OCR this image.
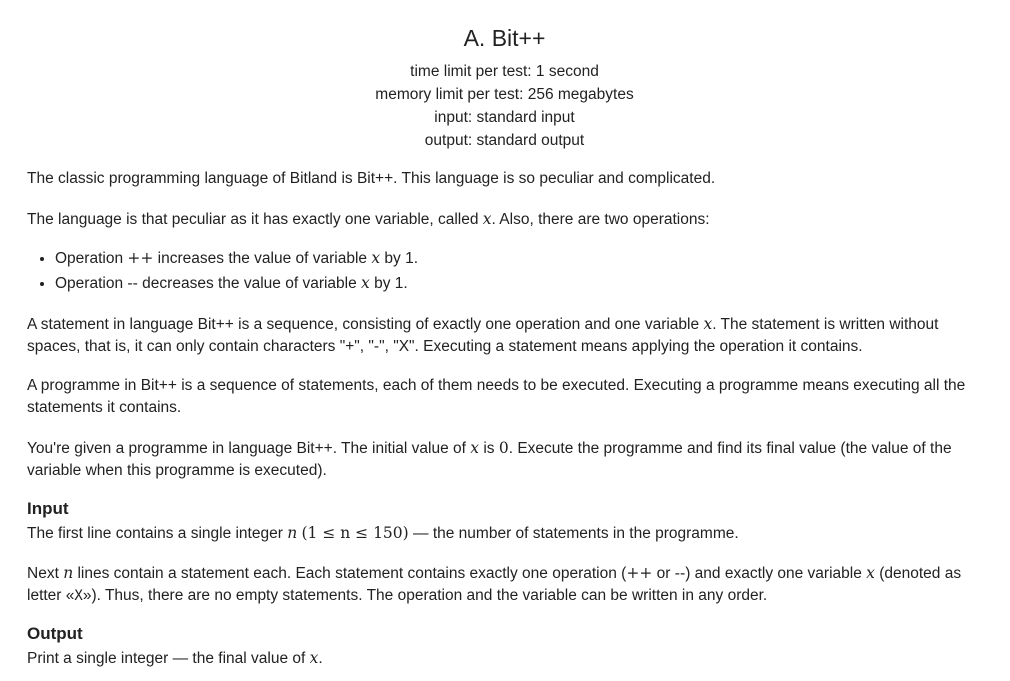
A. Bit++
time limit per test: 1 second
memory limit per test: 256 megabytes
input: standard input
output: standard output

The classic programming language of Bitland is Bit++. This language is so peculiar and complicated.

The language is that peculiar as it has exactly one variable, called x. Also, there are two operations:

• Operation ++ increases the value of variable x by 1.
• Operation -- decreases the value of variable x by 1.

A statement in language Bit++ is a sequence, consisting of exactly one operation and one variable x. The statement is written without spaces, that is, it can only contain characters "+", "-", "X". Executing a statement means applying the operation it contains.

A programme in Bit++ is a sequence of statements, each of them needs to be executed. Executing a programme means executing all the statements it contains.

You're given a programme in language Bit++. The initial value of x is 0. Execute the programme and find its final value (the value of the variable when this programme is executed).

Input

The first line contains a single integer n (1 ≤ n ≤ 150) — the number of statements in the programme.

Next n lines contain a statement each. Each statement contains exactly one operation (++ or --) and exactly one variable x (denoted as letter «X»). Thus, there are no empty statements. The operation and the variable can be written in any order.

Output

Print a single integer — the final value of x.
